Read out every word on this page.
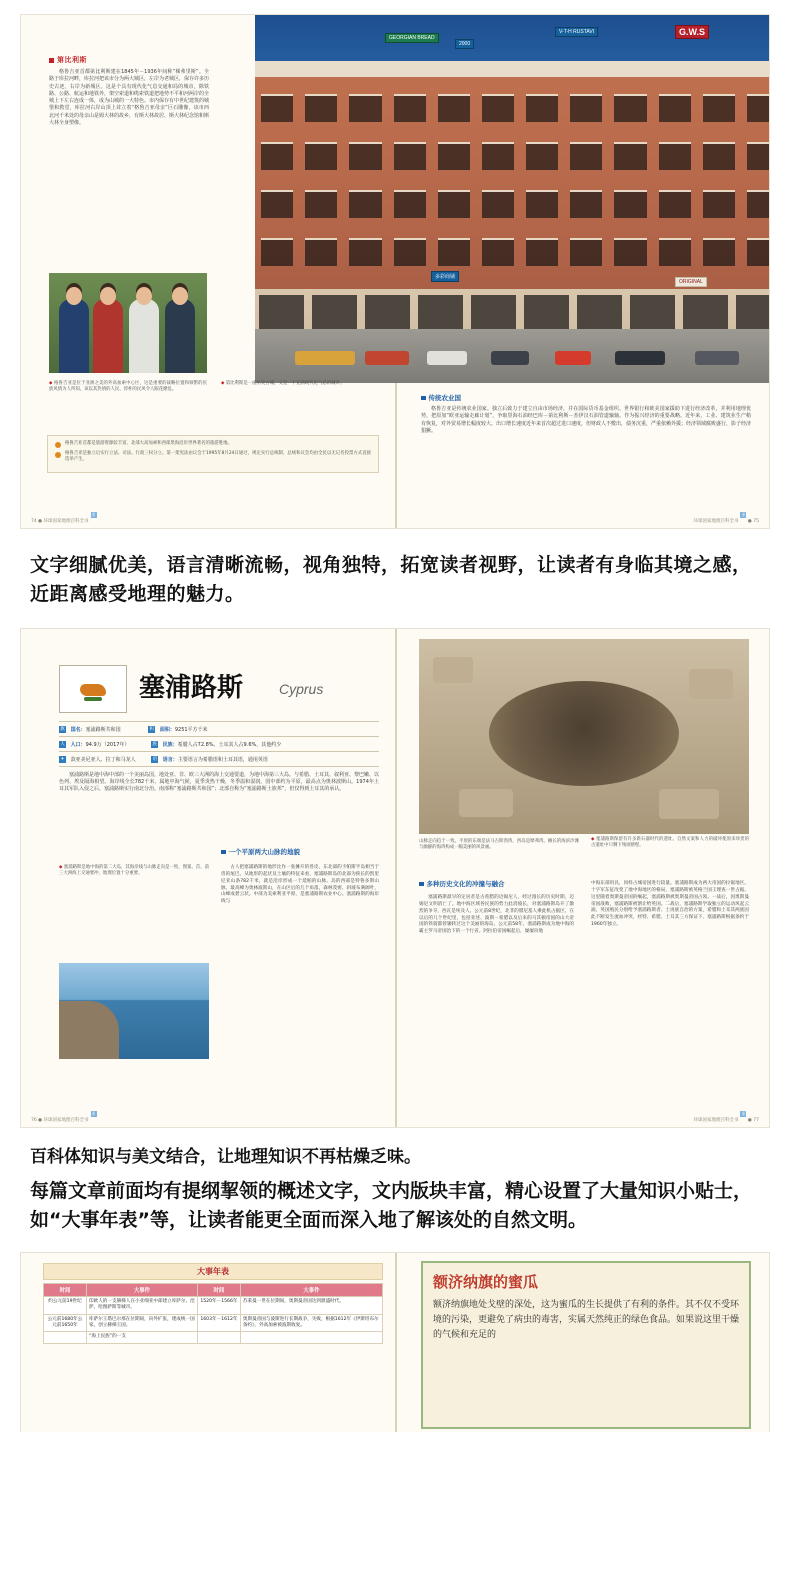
GEORGIAN BREAD
2000
V-T-H RUSTAVI	G.W.S
多彩商铺
ORIGINAL
第比利斯
格鲁吉亚首都第比利斯建在1845年－1936年间称“梯弗里斯”。全路于库拉河畔，库拉河把该市分为两大城区，左岸为老城区，保存许多历史古迹，右岸为新城区。这是个具有现代化气息交通和局的城市，除铁路、公路、航运和地铁外，架空索道和缆索铁道把地势不平和河两岸的全城上下左右连成一体，成为山城的一大特色。市内保存有中世纪建筑的城堡和教堂，库拉河右岸山顶上耸立着“格鲁吉亚母亲”巨石雕像，该市西北河千米处的母亲山是姆大林的故乡，有斯大林故居、斯大林纪念馆和斯大林全身塑像。
◆ 格鲁吉亚是位于亚洲之美的外高加索中心区，这是重要的战略位置和频繁的民族风情为人所知。该以其热情的人民、淳朴的民风令人眼花缭乱。
◆ 第比利斯是一座历史古城，又是一个充满现代化气息的城市。
格鲁吉亚首都是旅游资源较丰富，北部大高加索和西部黑海沿岸世界著名的旅游胜地。
格鲁吉亚是独立后实行立法、司法、行政三权分立。第一架宪法由议会于1995年8月24日通过，规定实行总统制，总统和议会均由全民以无记名投票方式直接选举产生。
传统农业国
格鲁吉亚是传统农业国家。独立后致力于建立自由市场经济，并在国际货币基金组织、世界银行和欧美国家援助下进行经济改革，并利用地理优势，把原加“欧亚运输走廊计划”，争取里海石油经巴库－第比利斯－杰伊汉石油管道输轴。作为振兴经济的重要战略。近年来，工业、建筑业生产稍有恢复，对外贸易增长幅度较大。出口增长速度近年来首次超过进口速度，但财政人不敷出，债务沉重，严重依赖外援；经济领域腐败盛行，影子经济猖獗。
74 ● 环球国家地理百科全书亚洲	环球国家地理百科全书亚洲 ● 75
文字细腻优美，语言清晰流畅，视角独特，拓宽读者视野，让读者有身临其境之感，近距离感受地理的魅力。
塞浦路斯	Cyprus
旗 国名：塞浦路斯共和国	积 面积：9251平方千米
人 人口：94.9万（2017年）	族 民族：希腊人占72.8%、土耳其人占9.6%，其他约少
✈ 款亚美尼亚人、拉丁和马龙人	语 语言：主要语言为希腊语和土耳其语，通用英语
塞浦路斯是地中海中部的一个美丽岛国，地处亚、非、欧三大洲的海上交通要道，为地中海第三大岛。与希腊、土耳其、叙利亚、黎巴嫩、以色列、埃及隔海相望。海岸线全长782千米，属地中海气候，夏季炎热干燥，冬季温和湿润。国中部约为平原，最高点为奥林波斯山。1974年土耳其军队入侵之后，塞浦路斯实行南北分治。南部称“塞浦路斯共和国”；北部自称为“塞浦路斯土族邦”，但仅得到土耳其的承认。
一个平原两大山脉的地貌
◆ 塞浦路斯是地中海的第二大岛，其海岸线与山脉走向是一致，图案、首、前三大洲海上交通要冲，地理位置十分重要。
古人把塞浦路斯的地形比作一张摊开的兽皮。东北部的卡帕斯半岛相当于兽的尾巴，从地形的起伏及土壤的特征来看，塞浦路斯岛的北部为狭长的凯里尼亚山条782千米，就是沿岸形成一个延帕的山脉。岛的西部是特鲁多斯山脉，最高峰为奥林波斯山，在山区后的几个角落，森林茂密、斜坡布满阔叶，山峰成碧云状。中部为美索利亚平原，是塞浦路斯农业中心。塞浦路斯的海岸线与
山脉走向趋于一致。平原的东端是法马古斯湾湾，西岛是摩弗湾。摊长的海滨沙滩与幽静的海湾构成一幅美丽的风景画。
多种历史文化的冲撞与融合
塞浦路斯最早的定居者是古希腊的迈锡尼人，经过漫长的历史时期，迈锡尼文明消亡了。地中海区域各民族的势力此消彼长，对塞浦路斯岛开了激烈的争夺，西瓦是埃及人、公元前8世纪，北非的腓尼基人乘此机占据区、在以后的几个世纪里，包括亚述、波斯－希腊以及后来的马其顿帝国的山大帝国的铁骑都曾辗转过这个美丽的海岛。公元前58年，塞浦路斯成为地中海的霸主罗马帝国治下的一个行省。阿拉伯帝国崛起后，屡屡向地
◆ 塞浦路斯保留有许多新石器时代的遗址。自然文案和人力的破坏使原来珍贵的古遗址中只剩下残垣断壁。
中海东部用具，同样占城帝国进行较量。塞浦路斯成为两大帝国的拉锯地区。十字军东征改变了地中海地区的格局，塞浦路斯被英格兰国王理查一世占据。这里随着奥斯曼帝国的崛起，塞浦路斯被奥斯曼帝国占领。一战后，因奥斯曼帝国战败，塞浦路斯被割让给英国。二战后，塞浦路斯学取独立的运动风起云涌，英国殖民分别给予塞浦路斯者、土再族自治的方案，希腊和土耳其两族因此不断发生流血冲突，经特、希腊、土耳其三方保证下，塞浦路斯根据条约于1960年独立。
76 ● 环球国家地理百科全书亚洲	环球国家地理百科全书亚洲 ● 77
百科体知识与美文结合，让地理知识不再枯燥乏味。
每篇文章前面均有提纲挈领的概述文字，文内版块丰富，精心设置了大量知识小贴士，如“大事年表”等，让读者能更全面而深入地了解该处的自然文明。
大事年表
时间	大事件	时间	大事件
约公元前19世纪	印欧人的一支赫梯人在小亚细亚中部建立库萨尔、涅萨、哈图萨斯等城市。	1520年－1566年	苏莱曼一世在位期间，奥斯曼帝国达到鼎盛时代。
公元前1680年公元前1650年	库萨尔王塔巴尔那在位期间，向外扩张，建成统一国家，创立赫梯王国。	1603年－1612年	奥斯曼帝国与波斯进行长期战争，失败，根据1612年《伊斯坦布尔条约》，外高加索被波斯收复。
	“海上民族”的一支		
额济纳旗的蜜瓜
额济纳旗地处戈壁的深处，这为蜜瓜的生长提供了有利的条件。其不仅不受环境的污染，更避免了病虫的毒害，实属天然纯正的绿色食品。如果说这里干燥的气候和充足的
